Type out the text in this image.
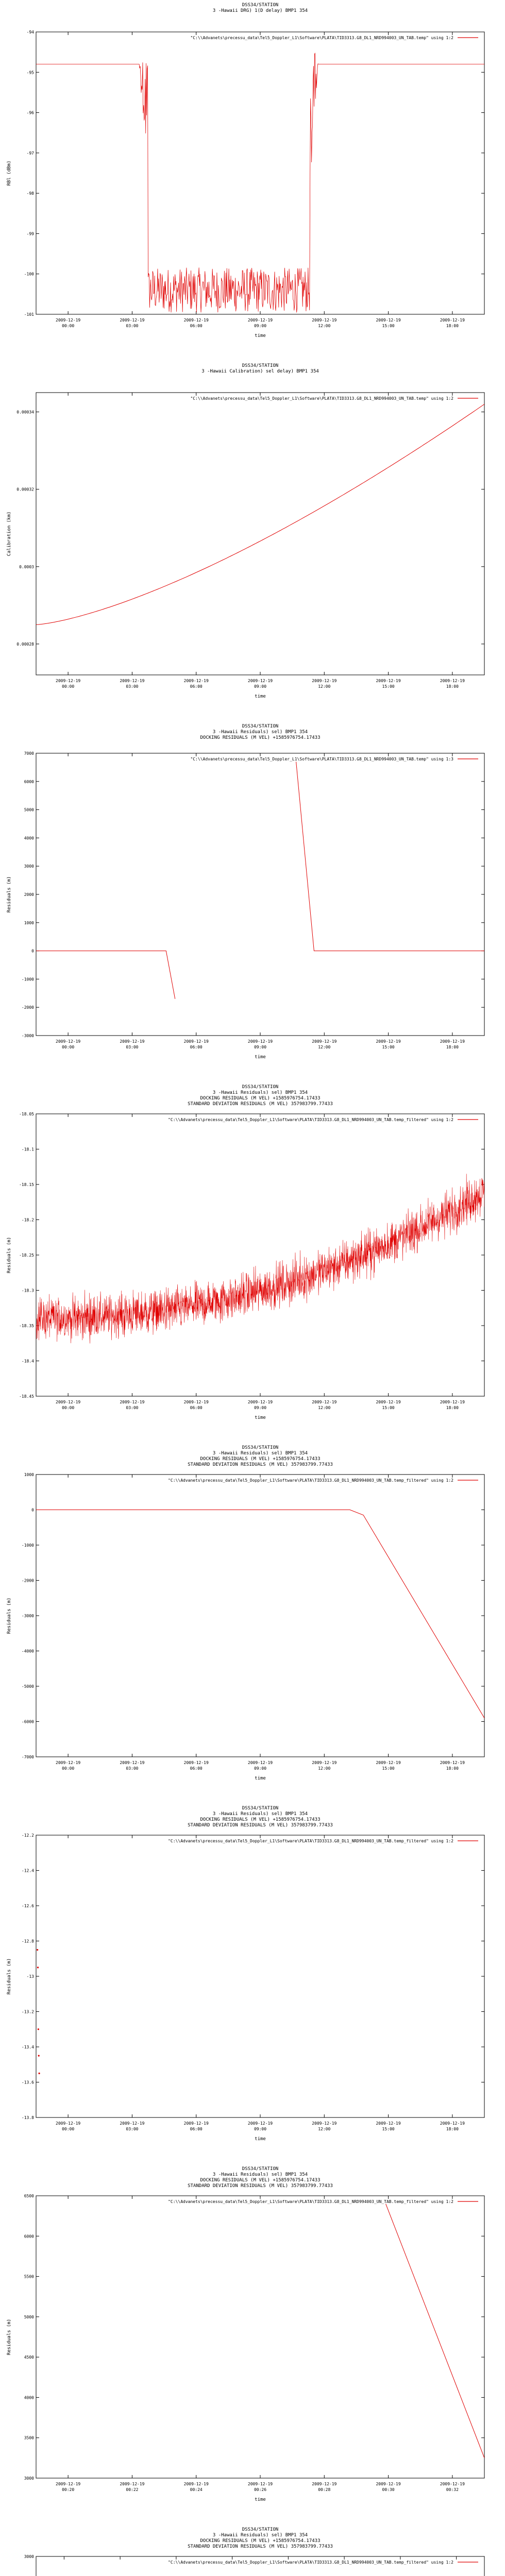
DSS34/STATION
3 -Hawaii DRG) 1(D delay) BMP1 354
"C:\\Advanets\precessu_data\Tel5_Doppler_L1\Software\PLATA\TID3313.G8_DL1_NRD994003_UN_TAB.temp" using 1:2
-94
-95
-96
-97
-98
-99
-100
-101
2009-12-19
00:00
2009-12-19
03:00
2009-12-19
06:00
2009-12-19
09:00
2009-12-19
12:00
2009-12-19
15:00
2009-12-19
18:00
time
RBl (dBm)
DSS34/STATION
3 -Hawaii Calibration) sel delay) BMP1 354
"C:\\Advanets\precessu_data\Tel5_Doppler_L1\Software\PLATA\TID3313.G8_DL1_NRD994003_UN_TAB.temp" using 1:2
0.00034
0.00032
0.0003
0.00028
2009-12-19
00:00
2009-12-19
03:00
2009-12-19
06:00
2009-12-19
09:00
2009-12-19
12:00
2009-12-19
15:00
2009-12-19
18:00
time
Calibration (km)
DSS34/STATION
3 -Hawaii Residuals) sel) BMP1 354
DOCKING RESIDUALS (M VEL) +1585976754.17433
"C:\\Advanets\precessu_data\Tel5_Doppler_L1\Software\PLATA\TID3313.G8_DL1_NRD994003_UN_TAB.temp" using 1:3
7000
6000
5000
4000
3000
2000
1000
0
-1000
-2000
-3000
2009-12-19
00:00
2009-12-19
03:00
2009-12-19
06:00
2009-12-19
09:00
2009-12-19
12:00
2009-12-19
15:00
2009-12-19
18:00
time
Residuals (m)
DSS34/STATION
3 -Hawaii Residuals) sel) BMP1 354
DOCKING RESIDUALS (M VEL) +1585976754.17433
STANDARD DEVIATION RESIDUALS (M VEL) 357983799.77433
"C:\\Advanets\precessu_data\Tel5_Doppler_L1\Software\PLATA\TID3313.G8_DL1_NRD994003_UN_TAB.temp_filtered" using 1:2
-18.05
-18.1
-18.15
-18.2
-18.25
-18.3
-18.35
-18.4
-18.45
2009-12-19
00:00
2009-12-19
03:00
2009-12-19
06:00
2009-12-19
09:00
2009-12-19
12:00
2009-12-19
15:00
2009-12-19
18:00
time
Residuals (m)
DSS34/STATION
3 -Hawaii Residuals) sel) BMP1 354
DOCKING RESIDUALS (M VEL) +1585976754.17433
STANDARD DEVIATION RESIDUALS (M VEL) 357983799.77433
"C:\\Advanets\precessu_data\Tel5_Doppler_L1\Software\PLATA\TID3313.G8_DL1_NRD994003_UN_TAB.temp_filtered" using 1:2
1000
0
-1000
-2000
-3000
-4000
-5000
-6000
-7000
2009-12-19
00:00
2009-12-19
03:00
2009-12-19
06:00
2009-12-19
09:00
2009-12-19
12:00
2009-12-19
15:00
2009-12-19
18:00
time
Residuals (m)
DSS34/STATION
3 -Hawaii Residuals) sel) BMP1 354
DOCKING RESIDUALS (M VEL) +1585976754.17433
STANDARD DEVIATION RESIDUALS (M VEL) 357983799.77433
"C:\\Advanets\precessu_data\Tel5_Doppler_L1\Software\PLATA\TID3313.G8_DL1_NRD994003_UN_TAB.temp_filtered" using 1:2
-12.2
-12.4
-12.6
-12.8
-13
-13.2
-13.4
-13.6
-13.8
2009-12-19
00:00
2009-12-19
03:00
2009-12-19
06:00
2009-12-19
09:00
2009-12-19
12:00
2009-12-19
15:00
2009-12-19
18:00
time
Residuals (m)
DSS34/STATION
3 -Hawaii Residuals) sel) BMP1 354
DOCKING RESIDUALS (M VEL) +1585976754.17433
STANDARD DEVIATION RESIDUALS (M VEL) 357983799.77433
"C:\\Advanets\precessu_data\Tel5_Doppler_L1\Software\PLATA\TID3313.G8_DL1_NRD994003_UN_TAB.temp_filtered" using 1:2
6500
6000
5500
5000
4500
4000
3500
3000
2009-12-19
00:20
2009-12-19
00:22
2009-12-19
00:24
2009-12-19
00:26
2009-12-19
00:28
2009-12-19
00:30
2009-12-19
00:32
time
Residuals (m)
DSS34/STATION
3 -Hawaii Residuals) sel) BMP1 354
DOCKING RESIDUALS (M VEL) +1585976754.17433
STANDARD DEVIATION RESIDUALS (M VEL) 357983799.77433
"C:\\Advanets\precessu_data\Tel5_Doppler_L1\Software\PLATA\TID3313.G8_DL1_NRD994003_UN_TAB.temp_filtered" using 1:2
3000
